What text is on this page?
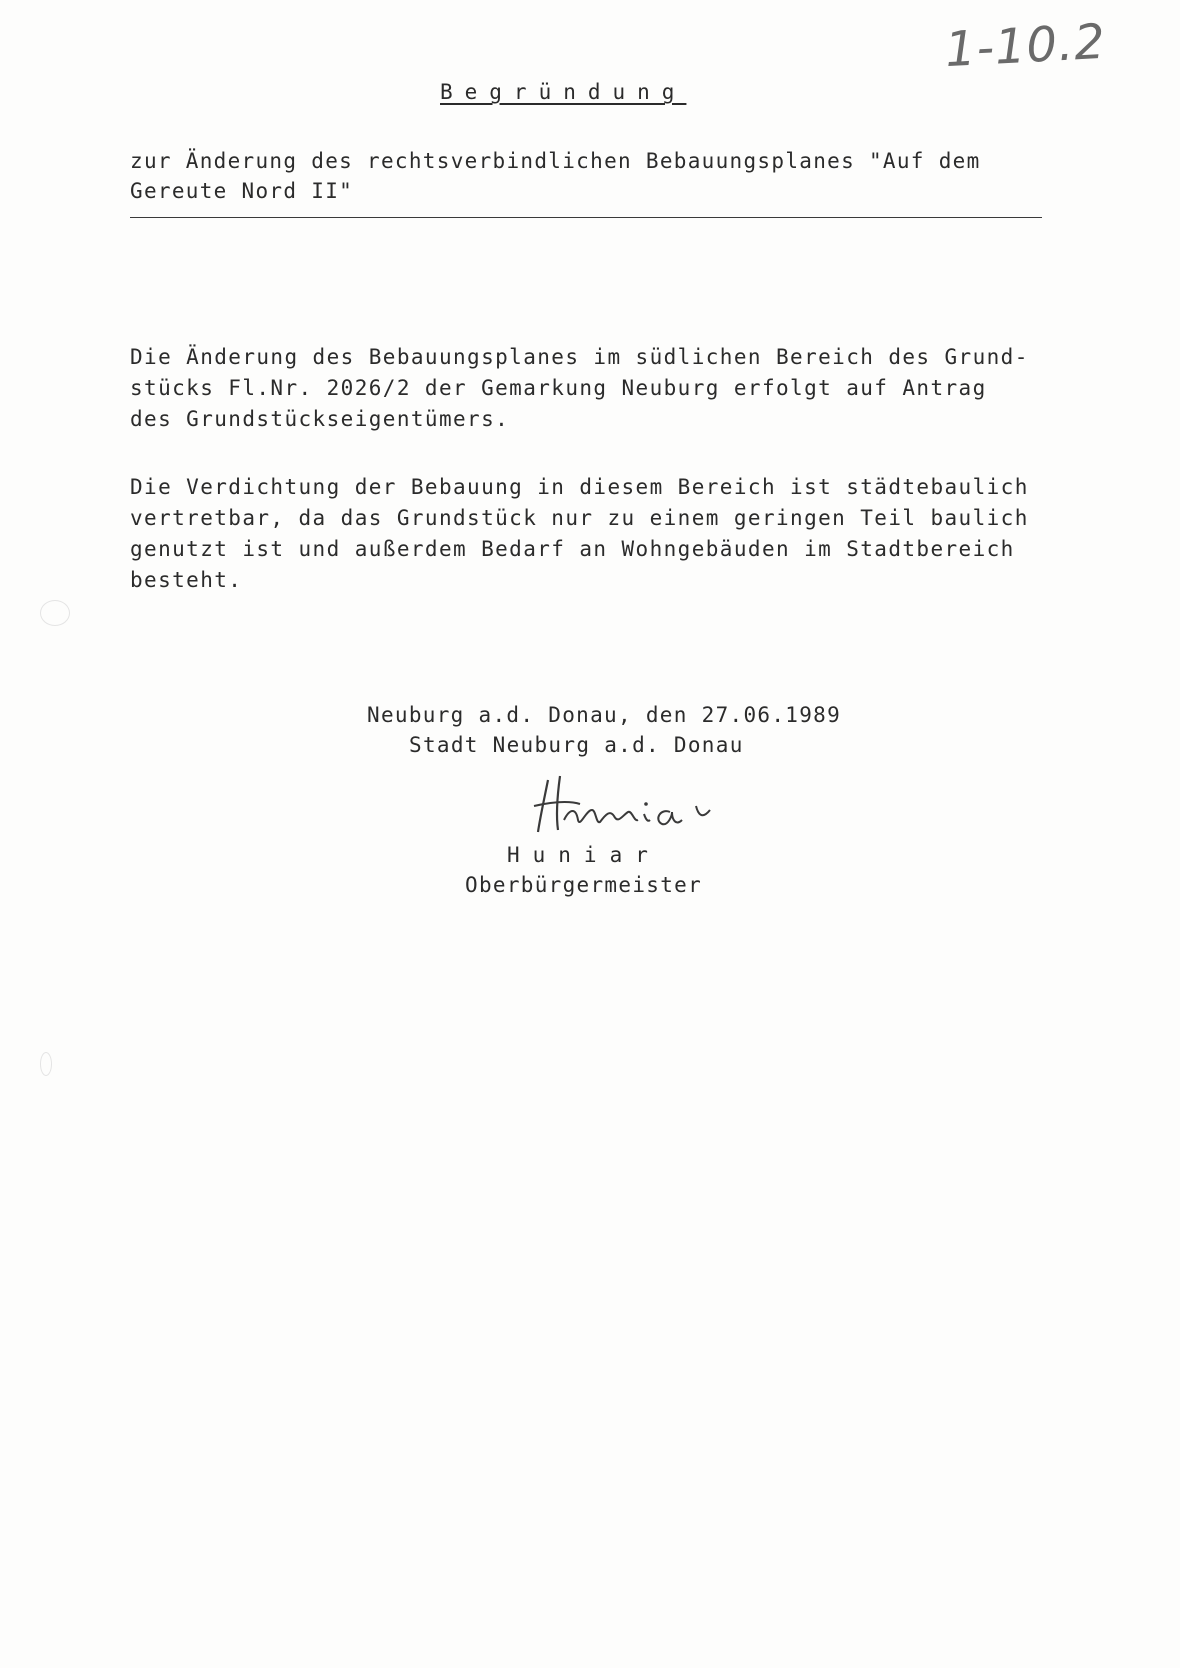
1-10.2
Begründung
zur Änderung des rechtsverbindlichen Bebauungsplanes "Auf dem
Gereute Nord II"
Die Änderung des Bebauungsplanes im südlichen Bereich des Grund-
stücks Fl.Nr. 2026/2 der Gemarkung Neuburg erfolgt auf Antrag
des Grundstückseigentümers.
Die Verdichtung der Bebauung in diesem Bereich ist städtebaulich
vertretbar, da das Grundstück nur zu einem geringen Teil baulich
genutzt ist und außerdem Bedarf an Wohngebäuden im Stadtbereich
besteht.
Neuburg a.d. Donau, den 27.06.1989
Stadt Neuburg a.d. Donau
Huniar
Oberbürgermeister
